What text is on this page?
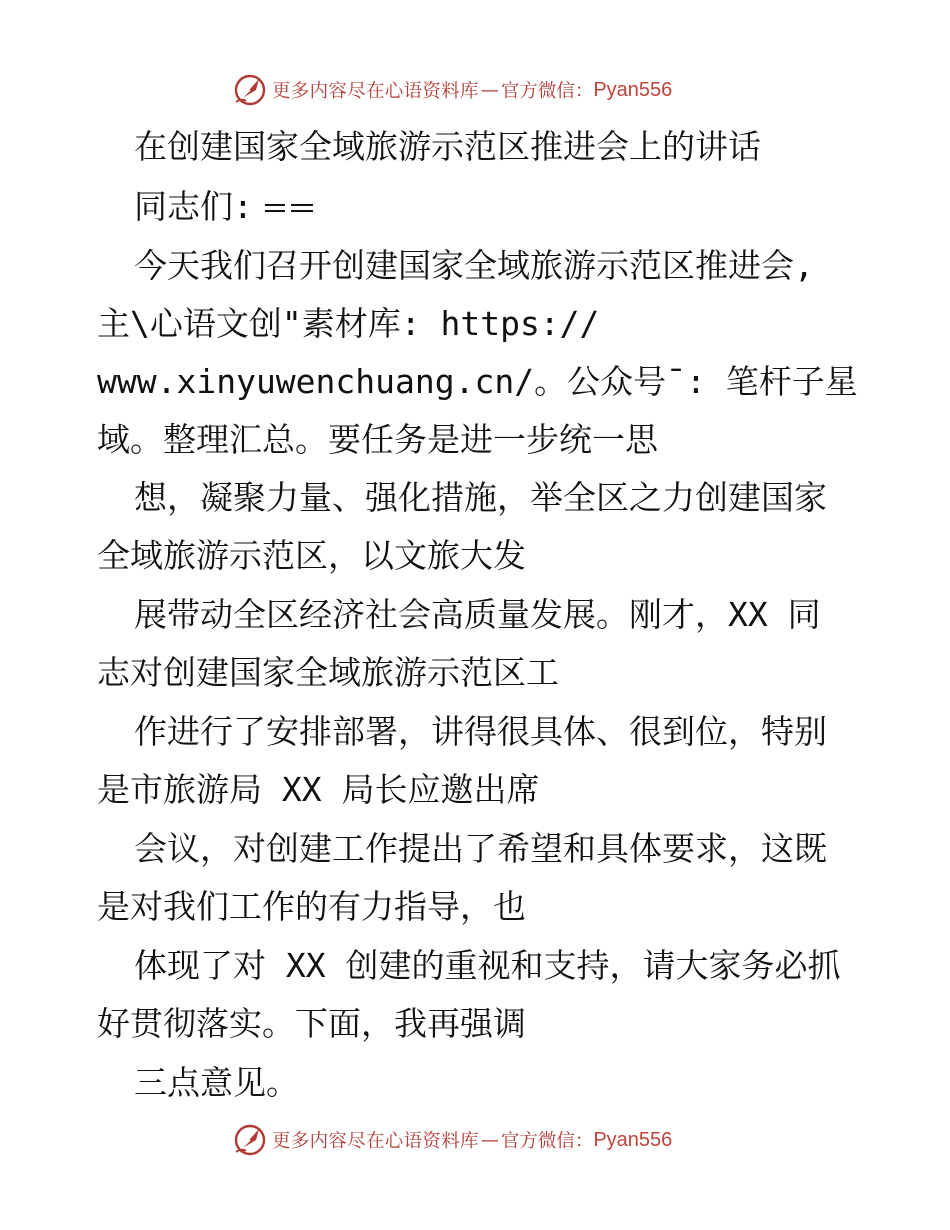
更多内容尽在心语资料库 — 官方微信： Pyan556
在创建国家全域旅游示范区推进会上的讲话
同志们:
今天我们召开创建国家全域旅游示范区推进会,
主\心语文创"素材库: https://
www.xinyuwenchuang.cn/。公众号¯: 笔杆子星
域。整理汇总。要任务是进一步统一思
想，凝聚力量、强化措施，举全区之力创建国家
全域旅游示范区，以文旅大发
展带动全区经济社会高质量发展。刚才，XX 同
志对创建国家全域旅游示范区工
作进行了安排部署，讲得很具体、很到位，特别
是市旅游局 XX 局长应邀出席
会议，对创建工作提出了希望和具体要求，这既
是对我们工作的有力指导，也
体现了对 XX 创建的重视和支持，请大家务必抓
好贯彻落实。下面，我再强调
三点意见。
更多内容尽在心语资料库 — 官方微信： Pyan556
